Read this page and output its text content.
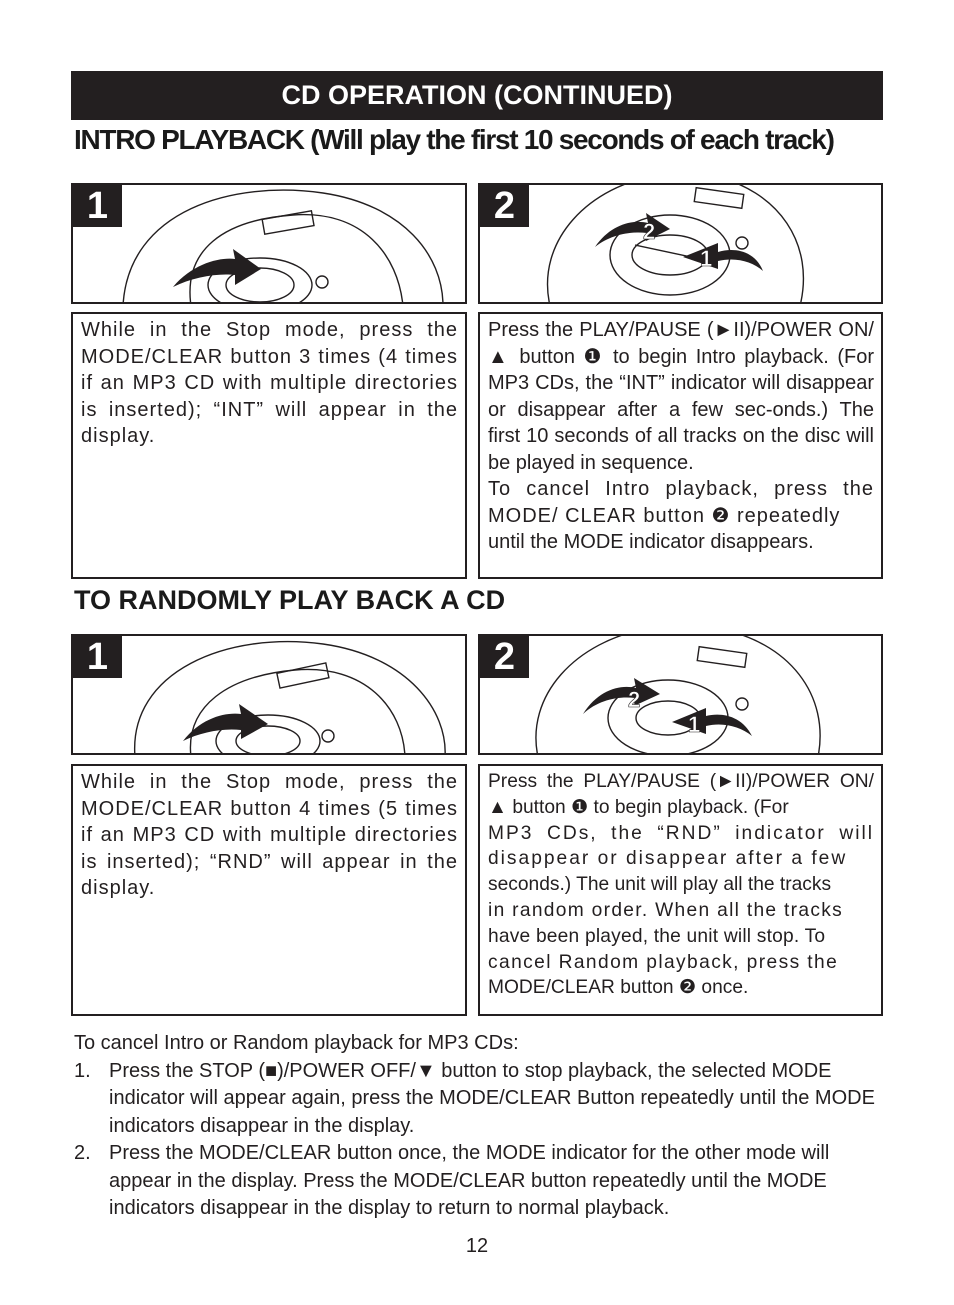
CD OPERATION (CONTINUED)
INTRO PLAYBACK (Will play the first 10 seconds of each track)
1
2
1
2

While in the Stop mode, press the MODE/CLEAR button 3 times (4 times if an MP3 CD with multiple directories is inserted); “INT” will appear in the display.

Press the PLAY/PAUSE (►II)/POWER ON/▲ button ❶ to begin Intro playback. (For MP3 CDs, the “INT” indicator will disappear or disappear after a few sec-onds.) The first 10 seconds of all tracks on the disc will be played in sequence.

To cancel Intro playback, press the MODE/ CLEAR button ❷ repeatedly

until the MODE indicator disappears.

TO RANDOMLY PLAY BACK A CD
1
2
1
2

While in the Stop mode, press the MODE/CLEAR button 4 times (5 times if an MP3 CD with multiple directories is inserted); “RND” will appear in the display.

Press the PLAY/PAUSE (►II)/POWER ON/▲ button ❶ to begin playback. (For

MP3 CDs, the “RND” indicator will disappear or disappear after a few

seconds.) The unit will play all the tracks

in random order. When all the tracks

have been played, the unit will stop. To

cancel Random playback, press the

MODE/CLEAR button ❷ once.

To cancel Intro or Random playback for MP3 CDs:
1. Press the STOP (■)/POWER OFF/▼ button to stop playback, the selected MODE indicator will appear again, press the MODE/CLEAR Button repeatedly until the MODE indicators disappear in the display.
2. Press the MODE/CLEAR button once, the MODE indicator for the other mode will appear in the display. Press the MODE/CLEAR button repeatedly until the MODE indicators disappear in the display to return to normal playback.
12
